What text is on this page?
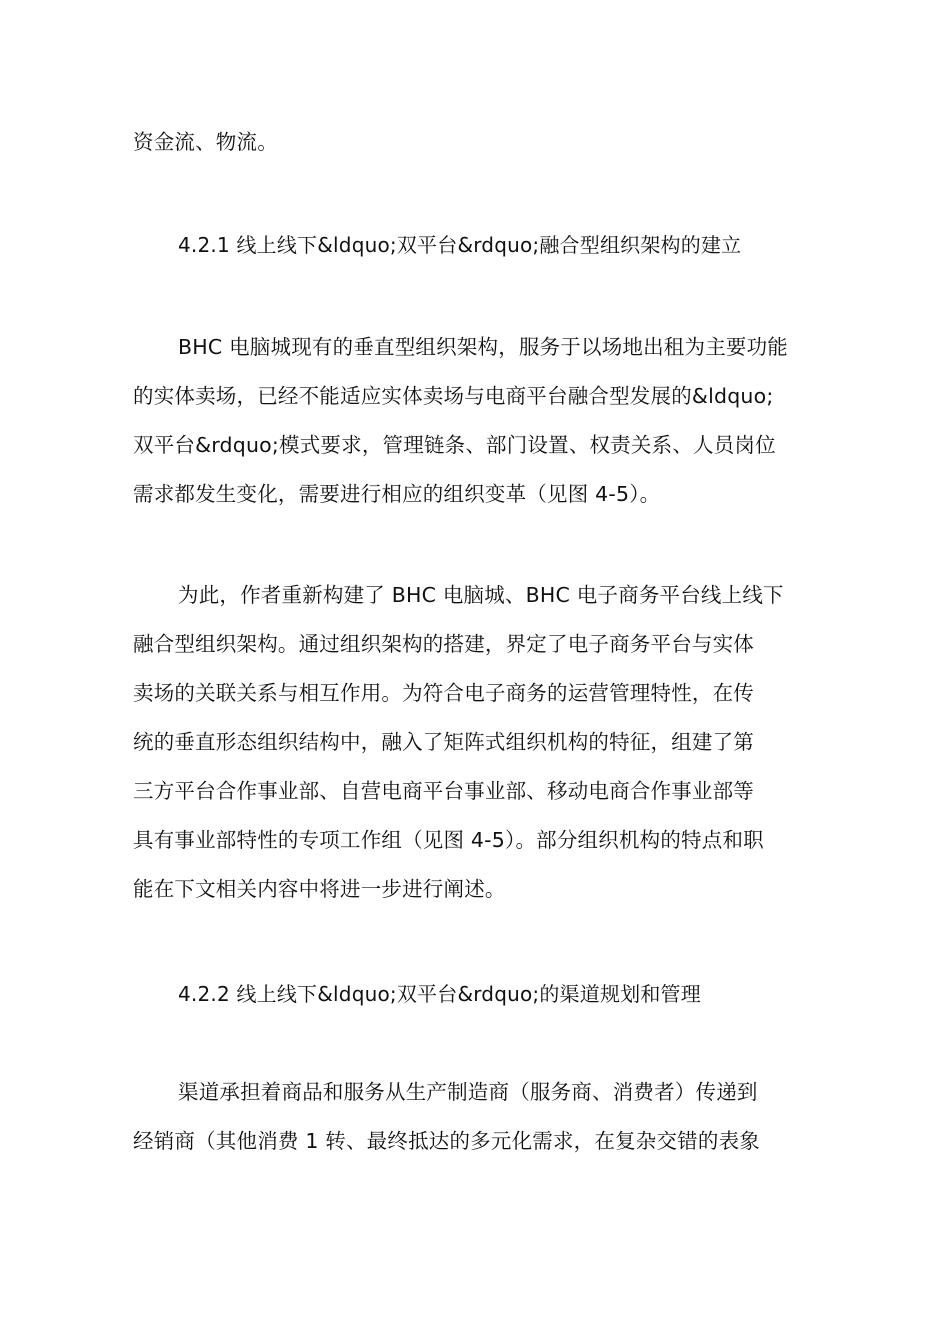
资金流、物流。
4.2.1 线上线下&ldquo;双平台&rdquo;融合型组织架构的建立
BHC 电脑城现有的垂直型组织架构，服务于以场地出租为主要功能
的实体卖场，已经不能适应实体卖场与电商平台融合型发展的&ldquo;
双平台&rdquo;模式要求，管理链条、部门设置、权责关系、人员岗位
需求都发生变化，需要进行相应的组织变革（见图 4-5）。
为此，作者重新构建了 BHC 电脑城、BHC 电子商务平台线上线下
融合型组织架构。通过组织架构的搭建，界定了电子商务平台与实体
卖场的关联关系与相互作用。为符合电子商务的运营管理特性，在传
统的垂直形态组织结构中，融入了矩阵式组织机构的特征，组建了第
三方平台合作事业部、自营电商平台事业部、移动电商合作事业部等
具有事业部特性的专项工作组（见图 4-5）。部分组织机构的特点和职
能在下文相关内容中将进一步进行阐述。
4.2.2 线上线下&ldquo;双平台&rdquo;的渠道规划和管理
渠道承担着商品和服务从生产制造商（服务商、消费者）传递到
经销商（其他消费 1 转、最终抵达的多元化需求，在复杂交错的表象
